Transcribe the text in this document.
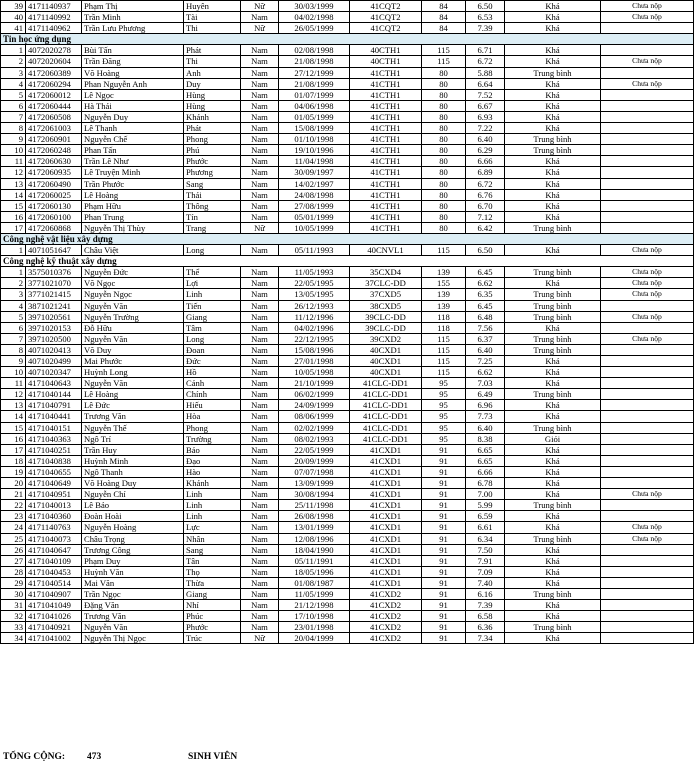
39	4171140937	Phạm Thị	Huyên	Nữ	30/03/1999	41CQT2	84	6.50	Khá	Chưa nộp
40	4171140992	Trần Minh	Tài	Nam	04/02/1998	41CQT2	84	6.53	Khá	Chưa nộp
41	4171140962	Trần Lưu Phương	Thi	Nữ	26/05/1999	41CQT2	84	7.39	Khá	
Tin học ứng dụng										
1	4072020278	Bùi Tấn	Phát	Nam	02/08/1998	40CTH1	115	6.71	Khá	
2	4072020604	Trần Đăng	Thi	Nam	21/08/1998	40CTH1	115	6.72	Khá	Chưa nộp
3	4172060389	Võ Hoàng	Anh	Nam	27/12/1999	41CTH1	80	5.88	Trung bình	
4	4172060294	Phan Nguyễn Anh	Duy	Nam	21/08/1999	41CTH1	80	6.64	Khá	Chưa nộp
5	4172060012	Lê Ngọc	Hùng	Nam	01/07/1999	41CTH1	80	7.52	Khá	
6	4172060444	Hà Thái	Hùng	Nam	04/06/1998	41CTH1	80	6.67	Khá	
7	4172060508	Nguyễn Duy	Khánh	Nam	01/05/1999	41CTH1	80	6.93	Khá	
8	4172061003	Lê Thanh	Phát	Nam	15/08/1999	41CTH1	80	7.22	Khá	
9	4172060901	Nguyễn Chế	Phong	Nam	01/10/1998	41CTH1	80	6.40	Trung bình	
10	4172060248	Phan Tấn	Phú	Nam	19/10/1996	41CTH1	80	6.29	Trung bình	
11	4172060630	Trần Lê Như	Phước	Nam	11/04/1998	41CTH1	80	6.66	Khá	
12	4172060935	Lê Truyện Minh	Phương	Nam	30/09/1997	41CTH1	80	6.89	Khá	
13	4172060490	Trần Phước	Sang	Nam	14/02/1997	41CTH1	80	6.72	Khá	
14	4172060025	Lê Hoàng	Thái	Nam	24/08/1998	41CTH1	80	6.76	Khá	
15	4172060130	Phạm Hữu	Thông	Nam	27/08/1999	41CTH1	80	6.70	Khá	
16	4172060100	Phan Trung	Tín	Nam	05/01/1999	41CTH1	80	7.12	Khá	
17	4172060868	Nguyễn Thị Thùy	Trang	Nữ	10/05/1999	41CTH1	80	6.42	Trung bình	
Công nghệ vật liệu xây dựng										
1	4071051647	Châu Việt	Long	Nam	05/11/1993	40CNVL1	115	6.50	Khá	Chưa nộp
Công nghệ kỹ thuật xây dựng										
1	3575010376	Nguyễn Đức	Thể	Nam	11/05/1993	35CXD4	139	6.45	Trung bình	Chưa nộp
2	3771021070	Võ Ngọc	Lợi	Nam	22/05/1995	37CLC-DD	155	6.62	Khá	Chưa nộp
3	3771021415	Nguyễn Ngọc	Linh	Nam	13/05/1995	37CXD5	139	6.35	Trung bình	Chưa nộp
4	3871021241	Nguyễn Văn	Tiến	Nam	26/12/1993	38CXD5	139	6.45	Trung bình	
5	3971020561	Nguyễn Trường	Giang	Nam	11/12/1996	39CLC-DD	118	6.48	Trung bình	Chưa nộp
6	3971020153	Đỗ Hữu	Tâm	Nam	04/02/1996	39CLC-DD	118	7.56	Khá	
7	3971020500	Nguyễn Văn	Long	Nam	22/12/1995	39CXD2	115	6.37	Trung bình	Chưa nộp
8	4071020413	Võ Duy	Đoan	Nam	15/08/1996	40CXD1	115	6.40	Trung bình	
9	4071020499	Mai Phước	Đức	Nam	27/01/1998	40CXD1	115	7.25	Khá	
10	4071020347	Huỳnh Long	Hồ	Nam	10/05/1998	40CXD1	115	6.62	Khá	
11	4171040643	Nguyễn Văn	Cảnh	Nam	21/10/1999	41CLC-DD1	95	7.03	Khá	
12	4171040144	Lê Hoàng	Chính	Nam	06/02/1999	41CLC-DD1	95	6.49	Trung bình	
13	4171040791	Lê Đức	Hiếu	Nam	24/09/1999	41CLC-DD1	95	6.96	Khá	
14	4171040441	Trương Văn	Hòa	Nam	08/06/1999	41CLC-DD1	95	7.73	Khá	
15	4171040151	Nguyễn Thế	Phong	Nam	02/02/1999	41CLC-DD1	95	6.40	Trung bình	
16	4171040363	Ngô Trí	Trường	Nam	08/02/1993	41CLC-DD1	95	8.38	Giỏi	
17	4171040251	Trần Huy	Bảo	Nam	22/05/1999	41CXD1	91	6.65	Khá	
18	4171040838	Huỳnh Minh	Đạo	Nam	20/09/1999	41CXD1	91	6.65	Khá	
19	4171040655	Ngô Thanh	Hào	Nam	07/07/1998	41CXD1	91	6.66	Khá	
20	4171040649	Võ Hoàng Duy	Khánh	Nam	13/09/1999	41CXD1	91	6.78	Khá	
21	4171040951	Nguyễn Chí	Linh	Nam	30/08/1994	41CXD1	91	7.00	Khá	Chưa nộp
22	4171040013	Lê Bảo	Linh	Nam	25/11/1998	41CXD1	91	5.99	Trung bình	
23	4171040360	Đoàn Hoài	Linh	Nam	26/08/1998	41CXD1	91	6.59	Khá	
24	4171140763	Nguyễn Hoàng	Lực	Nam	13/01/1999	41CXD1	91	6.61	Khá	Chưa nộp
25	4171040073	Châu Trọng	Nhân	Nam	12/08/1996	41CXD1	91	6.34	Trung bình	Chưa nộp
26	4171040647	Trương Công	Sang	Nam	18/04/1990	41CXD1	91	7.50	Khá	
27	4171040109	Phạm Duy	Tân	Nam	05/11/1991	41CXD1	91	7.91	Khá	
28	4171040453	Huỳnh Văn	Thọ	Nam	18/05/1996	41CXD1	91	7.09	Khá	
29	4171040514	Mai Văn	Thừa	Nam	01/08/1987	41CXD1	91	7.40	Khá	
30	4171040907	Trần Ngọc	Giang	Nam	11/05/1999	41CXD2	91	6.16	Trung bình	
31	4171041049	Đặng Văn	Nhí	Nam	21/12/1998	41CXD2	91	7.39	Khá	
32	4171041026	Trương Văn	Phúc	Nam	17/10/1998	41CXD2	91	6.58	Khá	
33	4171040921	Nguyễn Văn	Phước	Nam	23/01/1998	41CXD2	91	6.36	Trung bình	
34	4171041002	Nguyễn Thị Ngọc	Trúc	Nữ	20/04/1999	41CXD2	91	7.34	Khá	
TỔNG CỘNG: 473	SINH VIÊN
